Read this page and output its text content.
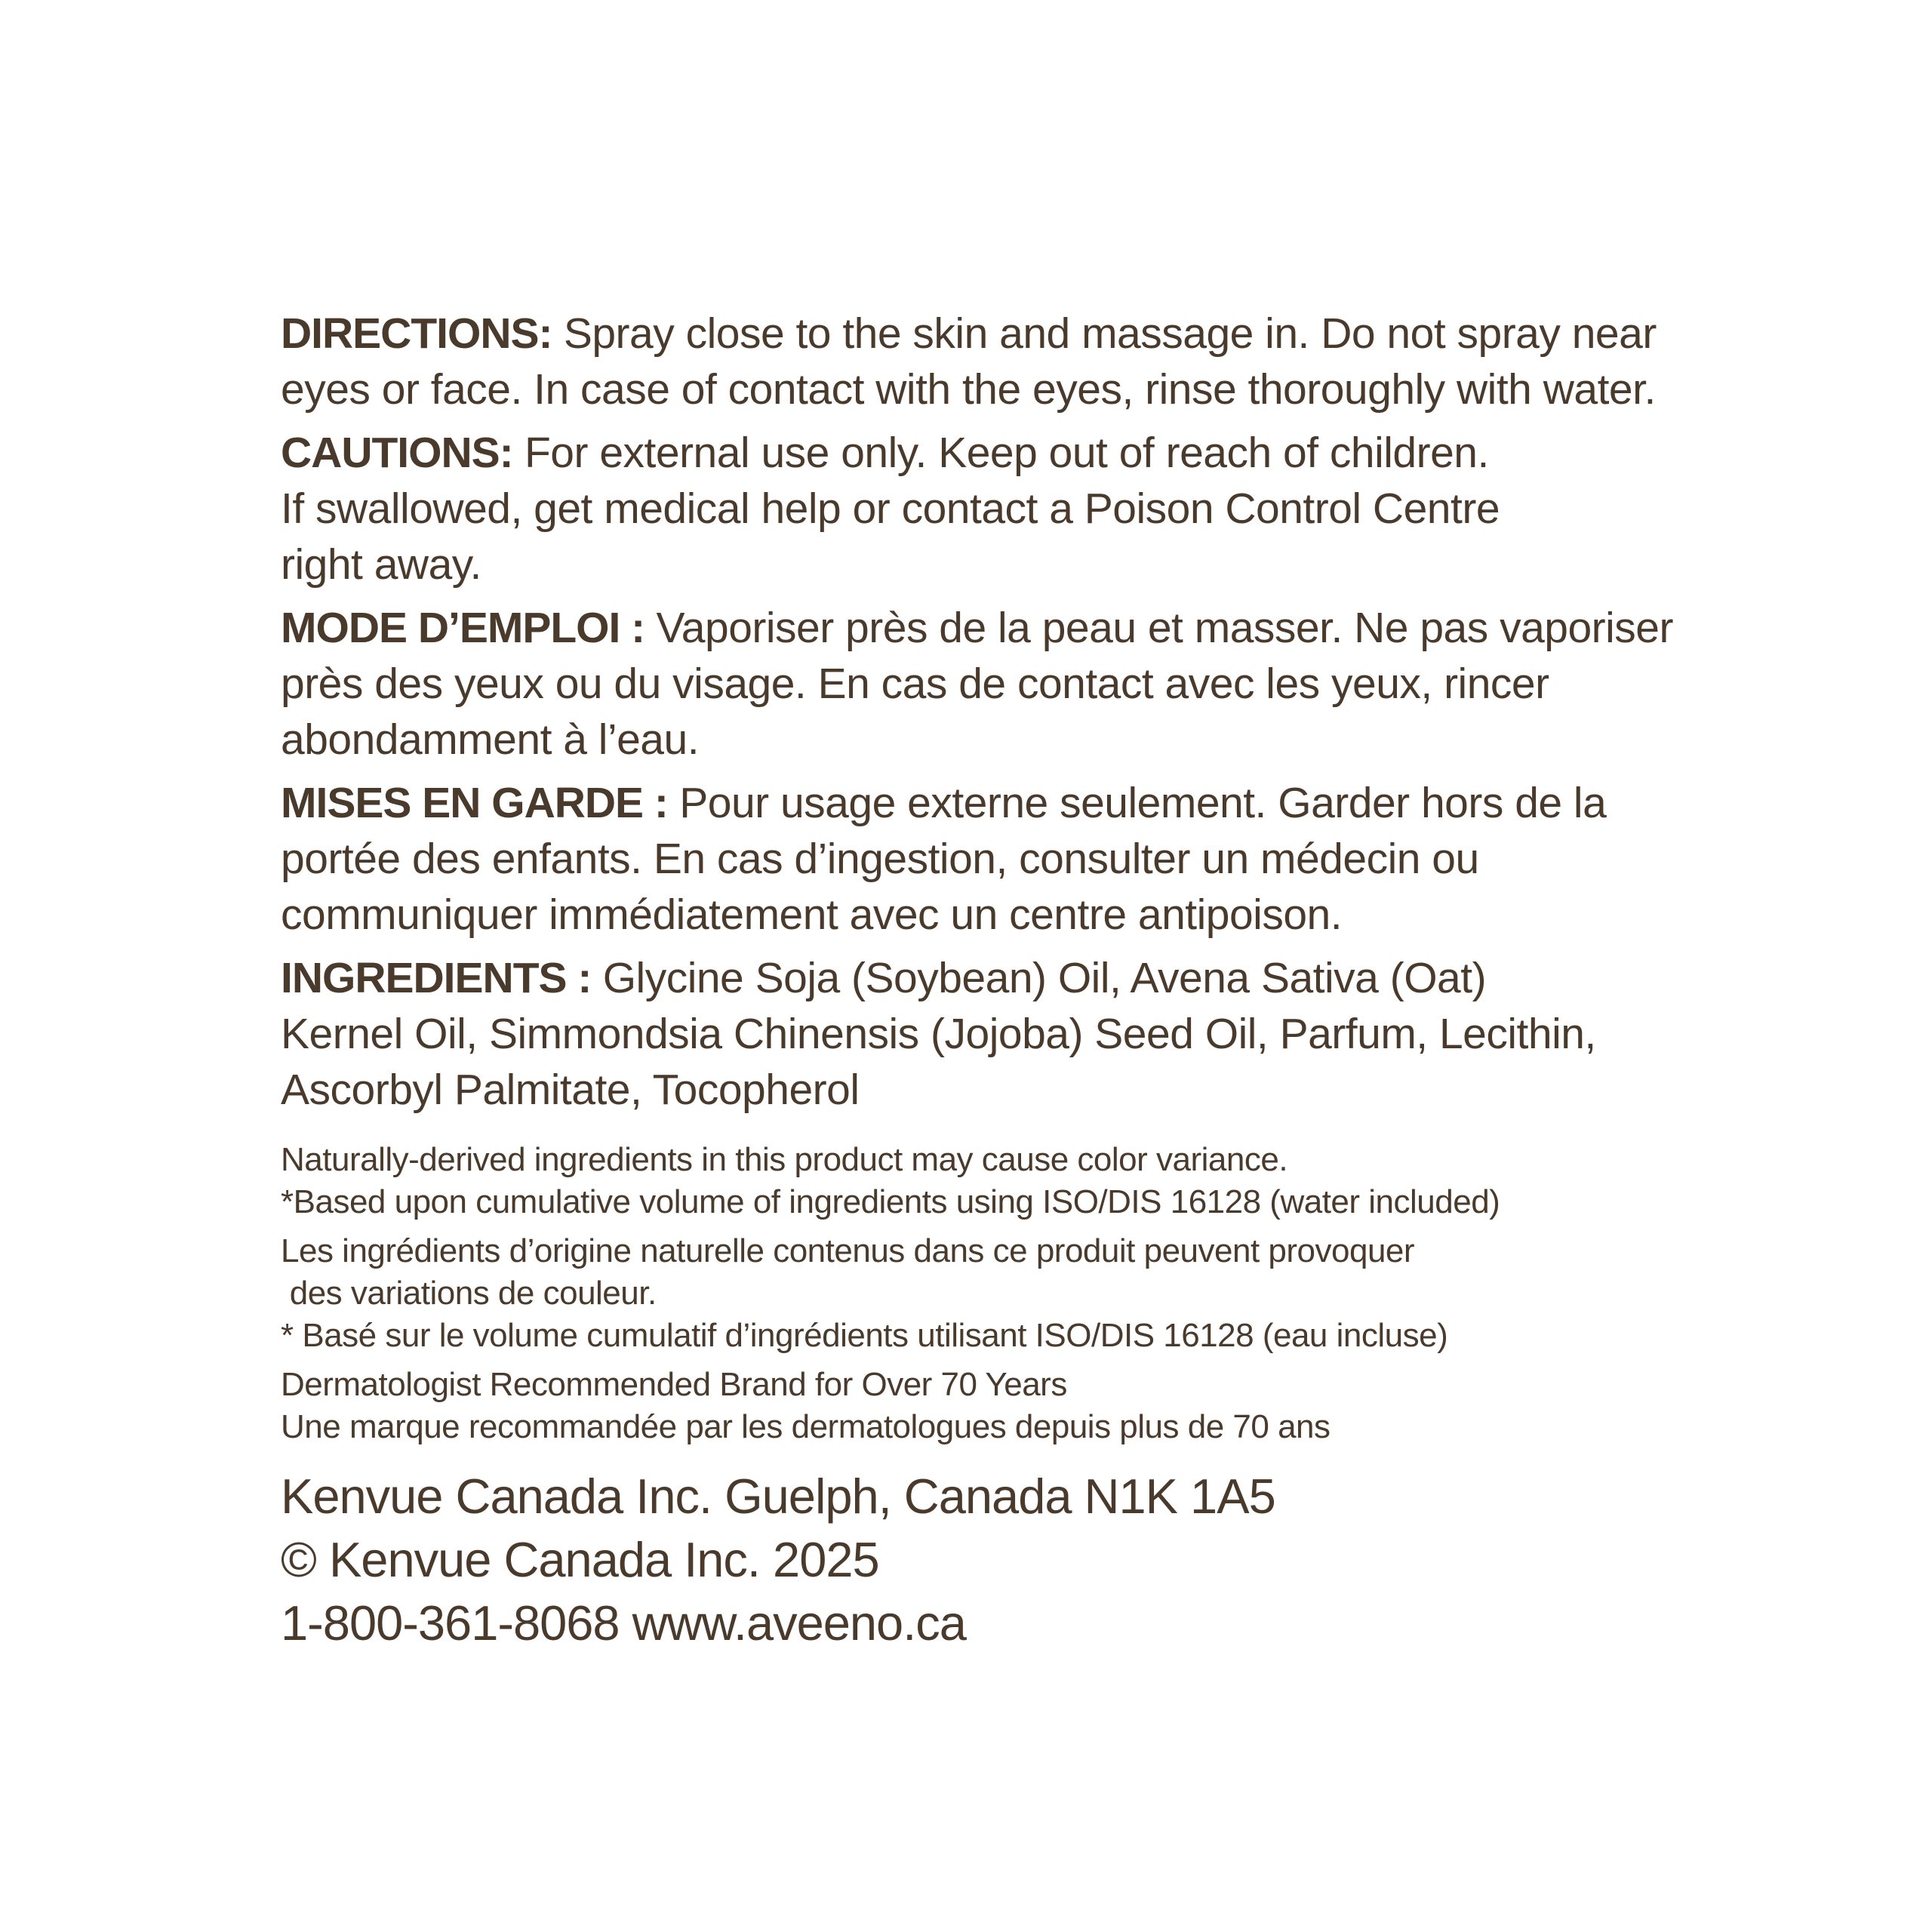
DIRECTIONS: Spray close to the skin and massage in. Do not spray near
eyes or face. In case of contact with the eyes, rinse thoroughly with water.
CAUTIONS: For external use only. Keep out of reach of children.
If swallowed, get medical help or contact a Poison Control Centre
right away.
MODE D’EMPLOI : Vaporiser près de la peau et masser. Ne pas vaporiser
près des yeux ou du visage. En cas de contact avec les yeux, rincer
abondamment à l’eau.
MISES EN GARDE : Pour usage externe seulement. Garder hors de la
portée des enfants. En cas d’ingestion, consulter un médecin ou
communiquer immédiatement avec un centre antipoison.
INGREDIENTS : Glycine Soja (Soybean) Oil, Avena Sativa (Oat)
Kernel Oil, Simmondsia Chinensis (Jojoba) Seed Oil, Parfum, Lecithin,
Ascorbyl Palmitate, Tocopherol
Naturally-derived ingredients in this product may cause color variance.
*Based upon cumulative volume of ingredients using ISO/DIS 16128 (water included)
Les ingrédients d’origine naturelle contenus dans ce produit peuvent provoquer
des variations de couleur.
* Basé sur le volume cumulatif d’ingrédients utilisant ISO/DIS 16128 (eau incluse)
Dermatologist Recommended Brand for Over 70 Years
Une marque recommandée par les dermatologues depuis plus de 70 ans
Kenvue Canada Inc. Guelph, Canada N1K 1A5
© Kenvue Canada Inc. 2025
1-800-361-8068 www.aveeno.ca
